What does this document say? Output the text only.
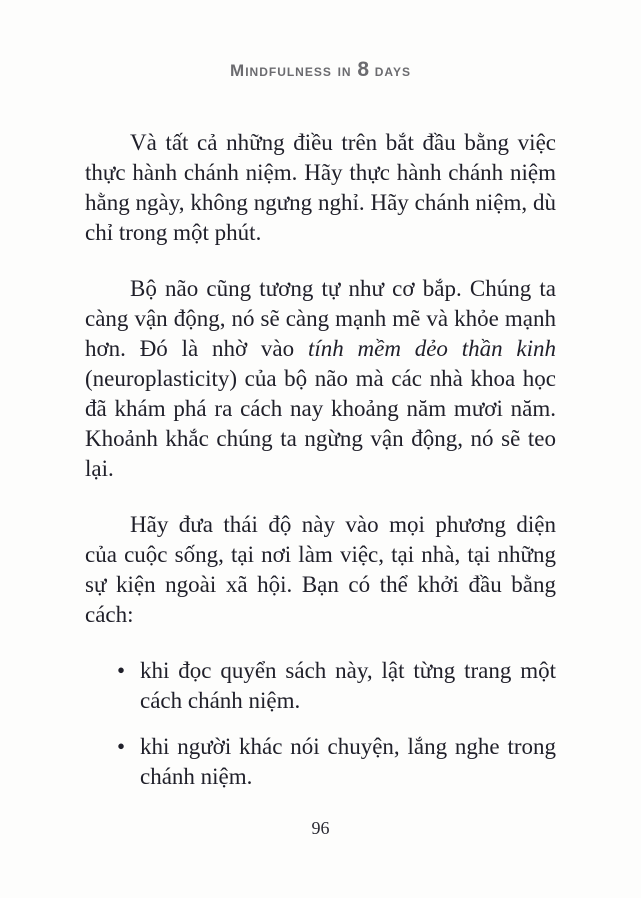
Mindfulness in 8 days

Và tất cả những điều trên bắt đầu bằng việc thực hành chánh niệm. Hãy thực hành chánh niệm hằng ngày, không ngưng nghỉ. Hãy chánh niệm, dù chỉ trong một phút.

Bộ não cũng tương tự như cơ bắp. Chúng ta càng vận động, nó sẽ càng mạnh mẽ và khỏe mạnh hơn. Đó là nhờ vào tính mềm dẻo thần kinh (neuroplasticity) của bộ não mà các nhà khoa học đã khám phá ra cách nay khoảng năm mươi năm. Khoảnh khắc chúng ta ngừng vận động, nó sẽ teo lại.

Hãy đưa thái độ này vào mọi phương diện của cuộc sống, tại nơi làm việc, tại nhà, tại những sự kiện ngoài xã hội. Bạn có thể khởi đầu bằng cách:

• khi đọc quyển sách này, lật từng trang một cách chánh niệm.
• khi người khác nói chuyện, lắng nghe trong chánh niệm.
96
